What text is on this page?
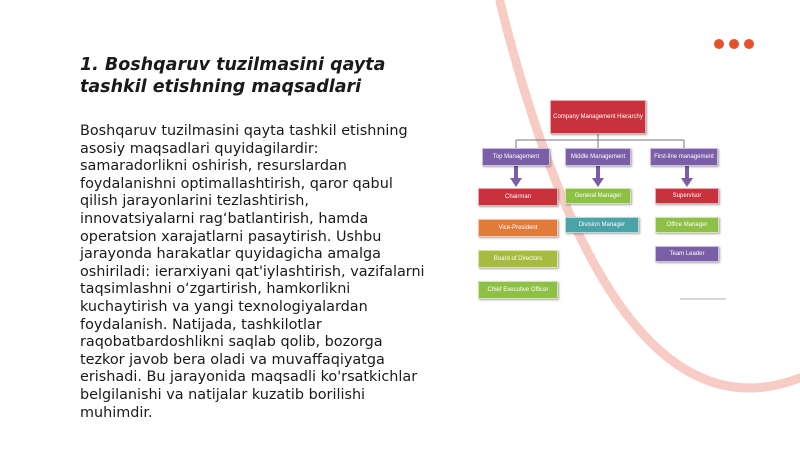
1. Boshqaruv tuzilmasini qayta tashkil etishning maqsadlari

Boshqaruv tuzilmasini qayta tashkil etishning asosiy maqsadlari quyidagilardir: samaradorlikni oshirish, resurslardan foydalanishni optimallashtirish, qaror qabul qilish jarayonlarini tezlashtirish, innovatsiyalarni rag‘batlantirish, hamda operatsion xarajatlarni pasaytirish. Ushbu jarayonda harakatlar quyidagicha amalga oshiriladi: ierarxiyani qat'iylashtirish, vazifalarni taqsimlashni o‘zgartirish, hamkorlikni kuchaytirish va yangi texnologiyalardan foydalanish. Natijada, tashkilotlar raqobatbardoshlikni saqlab qolib, bozorga tezkor javob bera oladi va muvaffaqiyatga erishadi. Bu jarayonida maqsadli ko'rsatkichlar belgilanishi va natijalar kuzatib borilishi muhimdir.

Company Management Hierarchy
Top Management	Middle Management	First-line management
Chairman
Vice-President
Board of Directors
Chief Executive Officer
General Manager
Division Manager
Supervisor
Office Manager
Team Leader
